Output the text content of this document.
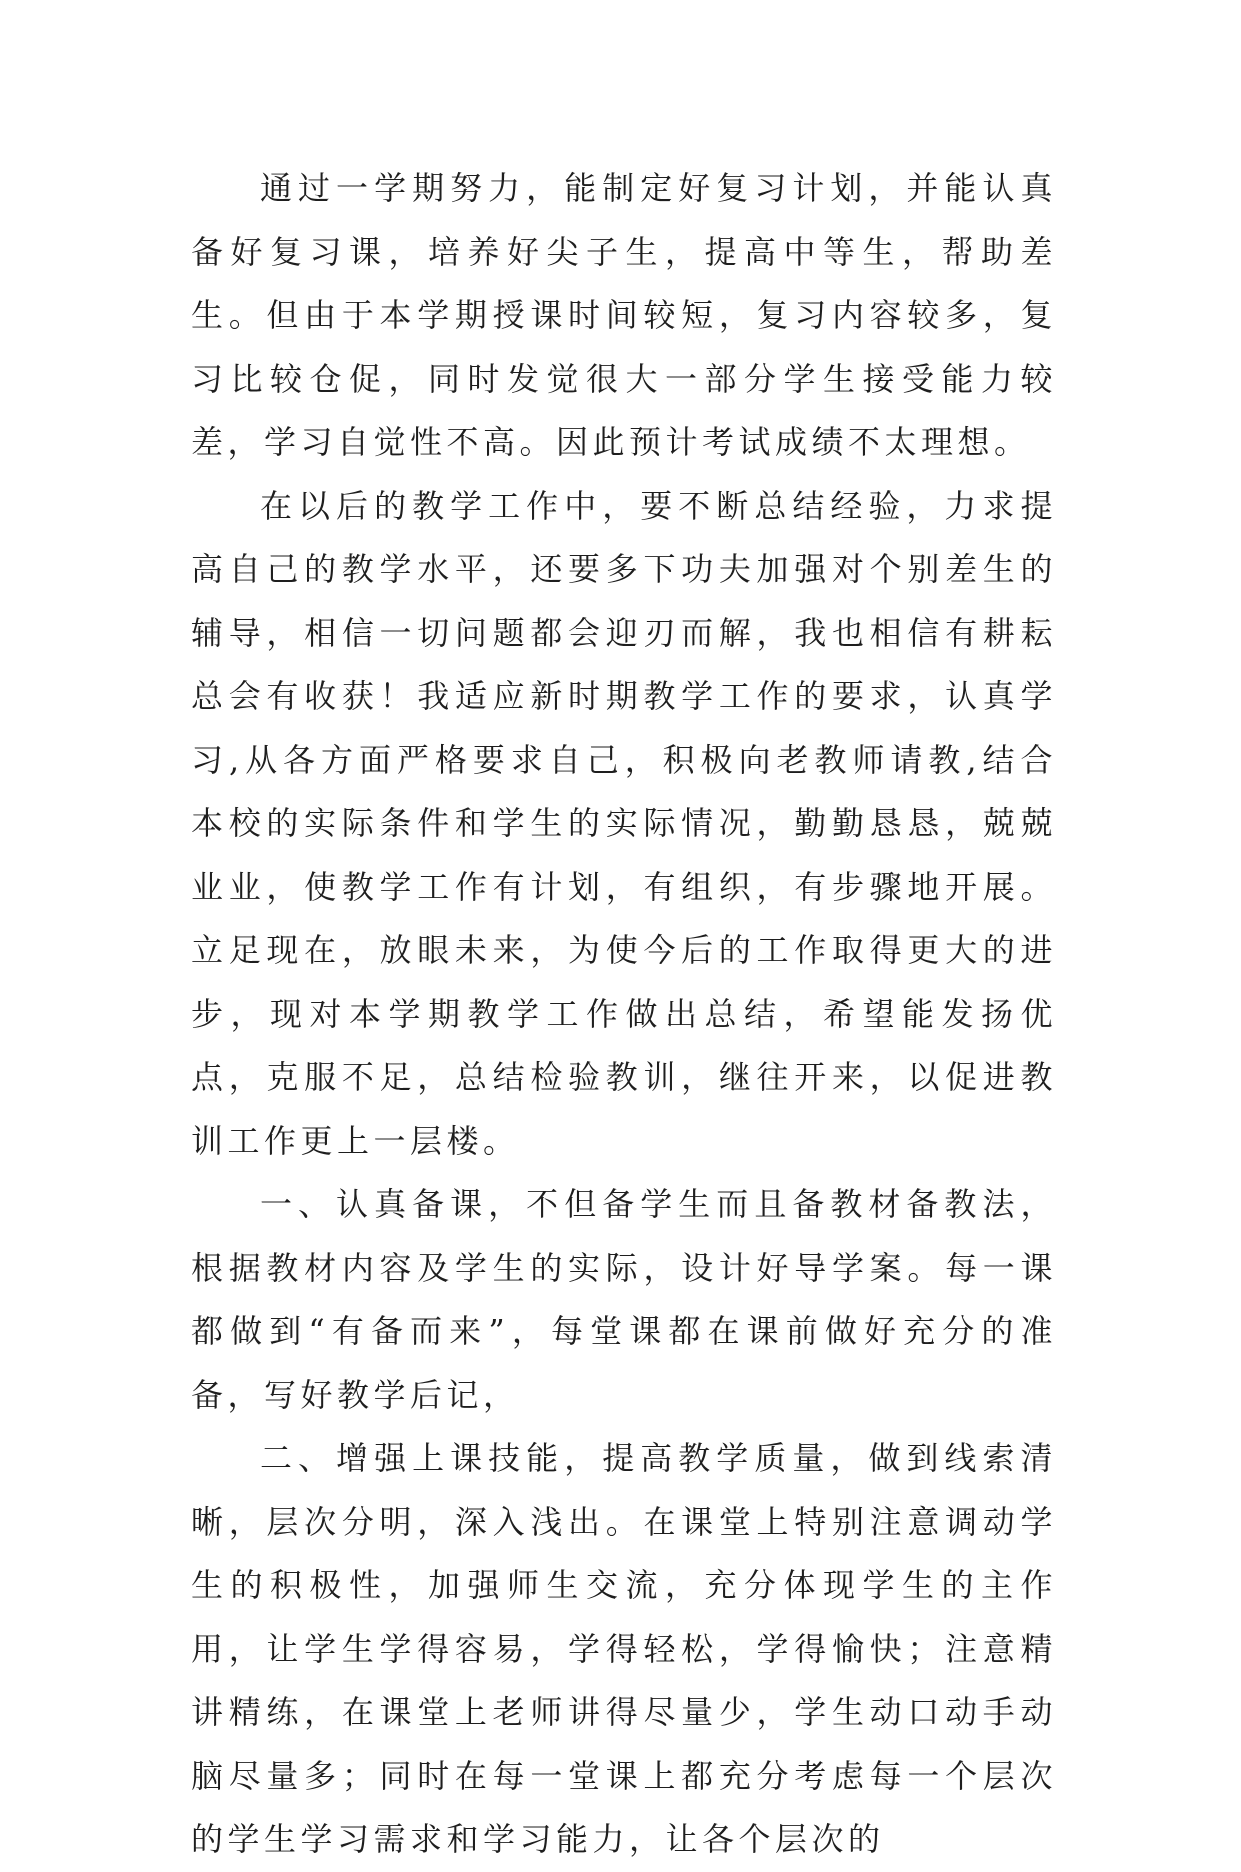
通过一学期努力，能制定好复习计划，并能认真备好复习课，培养好尖子生，提高中等生，帮助差生。但由于本学期授课时间较短，复习内容较多，复习比较仓促，同时发觉很大一部分学生接受能力较差，学习自觉性不高。因此预计考试成绩不太理想。

在以后的教学工作中，要不断总结经验，力求提高自己的教学水平，还要多下功夫加强对个别差生的辅导，相信一切问题都会迎刃而解，我也相信有耕耘总会有收获！我适应新时期教学工作的要求，认真学习,从各方面严格要求自己，积极向老教师请教,结合本校的实际条件和学生的实际情况，勤勤恳恳，兢兢业业，使教学工作有计划，有组织，有步骤地开展。立足现在，放眼未来，为使今后的工作取得更大的进步，现对本学期教学工作做出总结，希望能发扬优点，克服不足，总结检验教训，继往开来，以促进教训工作更上一层楼。

一、认真备课，不但备学生而且备教材备教法，根据教材内容及学生的实际，设计好导学案。每一课都做到“有备而来”，每堂课都在课前做好充分的准备，写好教学后记，

二、增强上课技能，提高教学质量，做到线索清晰，层次分明，深入浅出。在课堂上特别注意调动学生的积极性，加强师生交流，充分体现学生的主作用，让学生学得容易，学得轻松，学得愉快；注意精讲精练，在课堂上老师讲得尽量少，学生动口动手动脑尽量多；同时在每一堂课上都充分考虑每一个层次的学生学习需求和学习能力，让各个层次的
